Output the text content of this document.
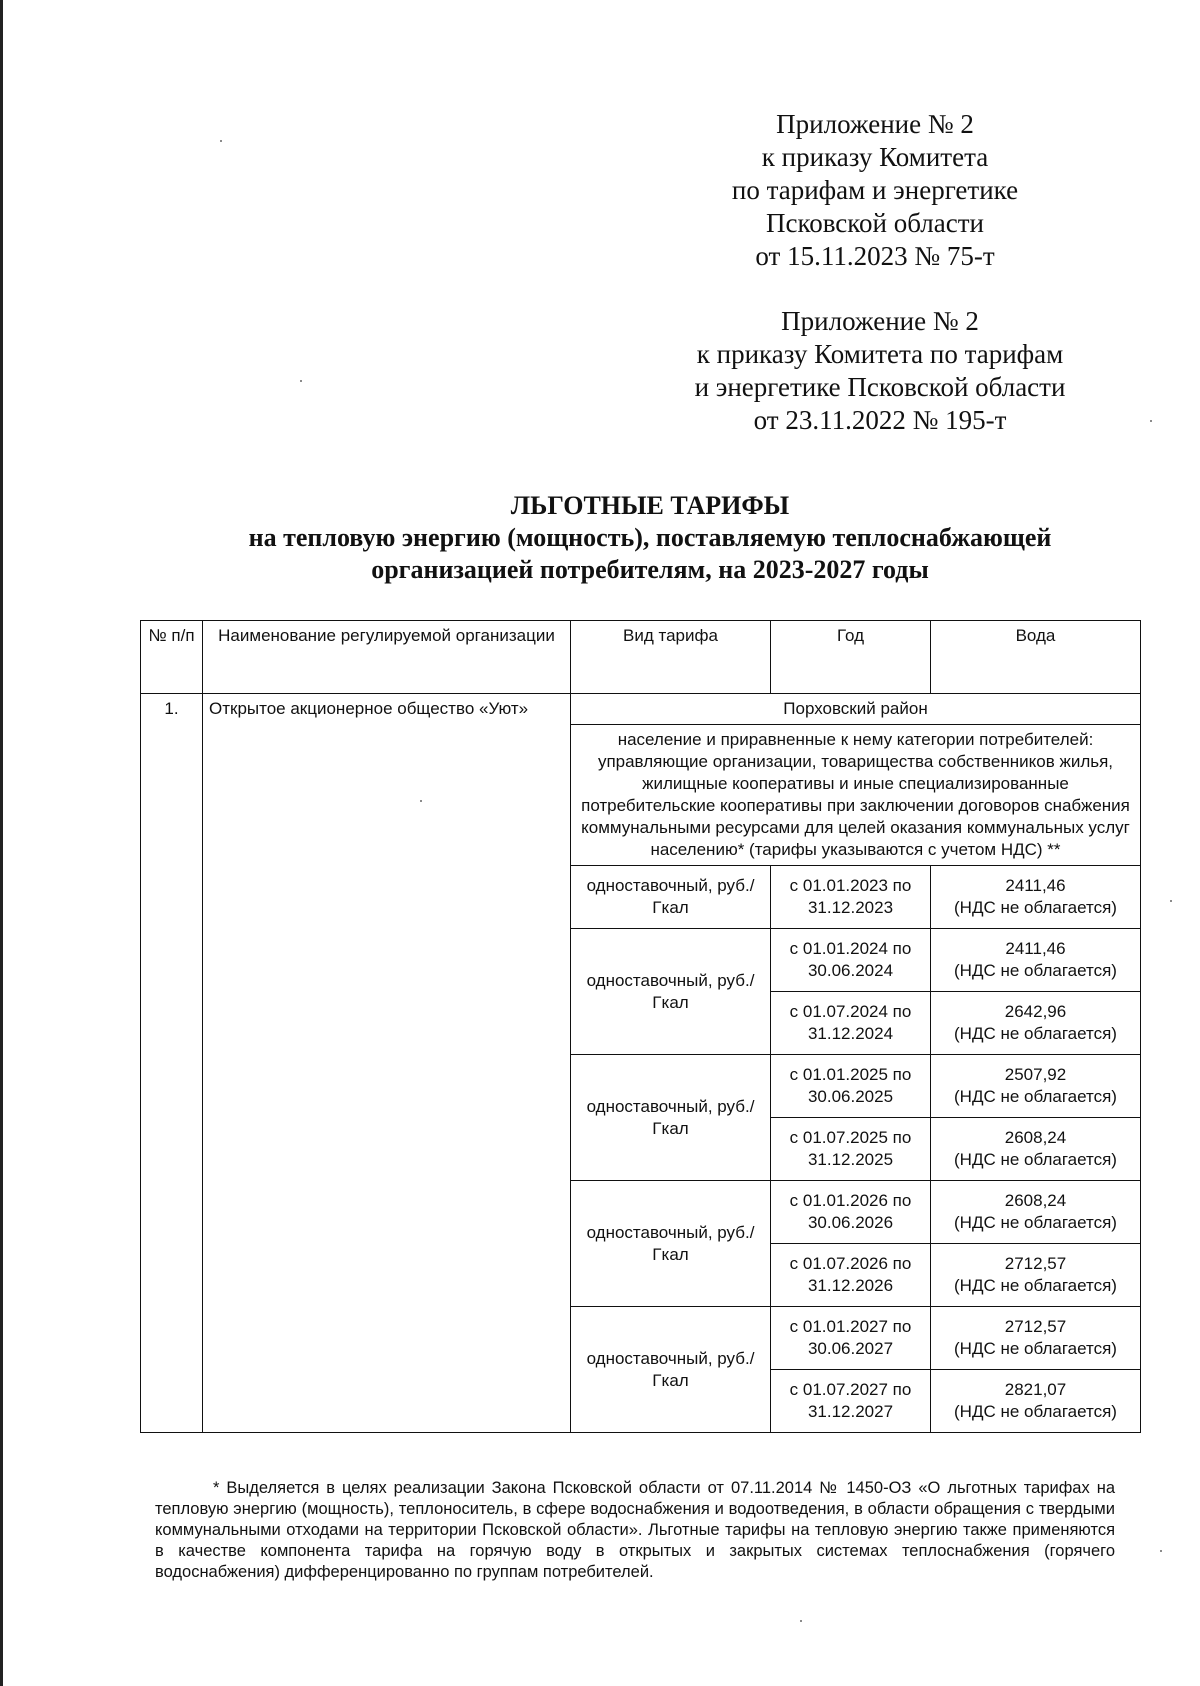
Приложение № 2
к приказу Комитета
по тарифам и энергетике
Псковской области
от 15.11.2023 № 75-т
Приложение № 2
к приказу Комитета по тарифам
и энергетике Псковской области
от 23.11.2022 № 195-т
ЛЬГОТНЫЕ ТАРИФЫ
на тепловую энергию (мощность), поставляемую теплоснабжающей
организацией потребителям, на 2023-2027 годы
№ п/п	Наименование регулируемой организации	Вид тарифа	Год	Вода
1.	Открытое акционерное общество «Уют»	Порховский район		
		население и приравненные к нему категории потребителей: управляющие организации, товарищества собственников жилья, жилищные кооперативы и иные специализированные потребительские кооперативы при заключении договоров снабжения коммунальными ресурсами для целей оказания коммунальных услуг населению* (тарифы указываются с учетом НДС) **		
		одноставочный, руб./Гкал	с 01.01.2023 по 31.12.2023	2411,46
(НДС не облагается)
		одноставочный, руб./Гкал	с 01.01.2024 по 30.06.2024	2411,46
(НДС не облагается)
			с 01.07.2024 по 31.12.2024	2642,96
(НДС не облагается)
		одноставочный, руб./Гкал	с 01.01.2025 по 30.06.2025	2507,92
(НДС не облагается)
			с 01.07.2025 по 31.12.2025	2608,24
(НДС не облагается)
		одноставочный, руб./Гкал	с 01.01.2026 по 30.06.2026	2608,24
(НДС не облагается)
			с 01.07.2026 по 31.12.2026	2712,57
(НДС не облагается)
		одноставочный, руб./Гкал	с 01.01.2027 по 30.06.2027	2712,57
(НДС не облагается)
			с 01.07.2027 по 31.12.2027	2821,07
(НДС не облагается)
* Выделяется в целях реализации Закона Псковской области от 07.11.2014 № 1450-ОЗ «О льготных тарифах на тепловую энергию (мощность), теплоноситель, в сфере водоснабжения и водоотведения, в области обращения с твердыми коммунальными отходами на территории Псковской области». Льготные тарифы на тепловую энергию также применяются в качестве компонента тарифа на горячую воду в открытых и закрытых системах теплоснабжения (горячего водоснабжения) дифференцированно по группам потребителей.
